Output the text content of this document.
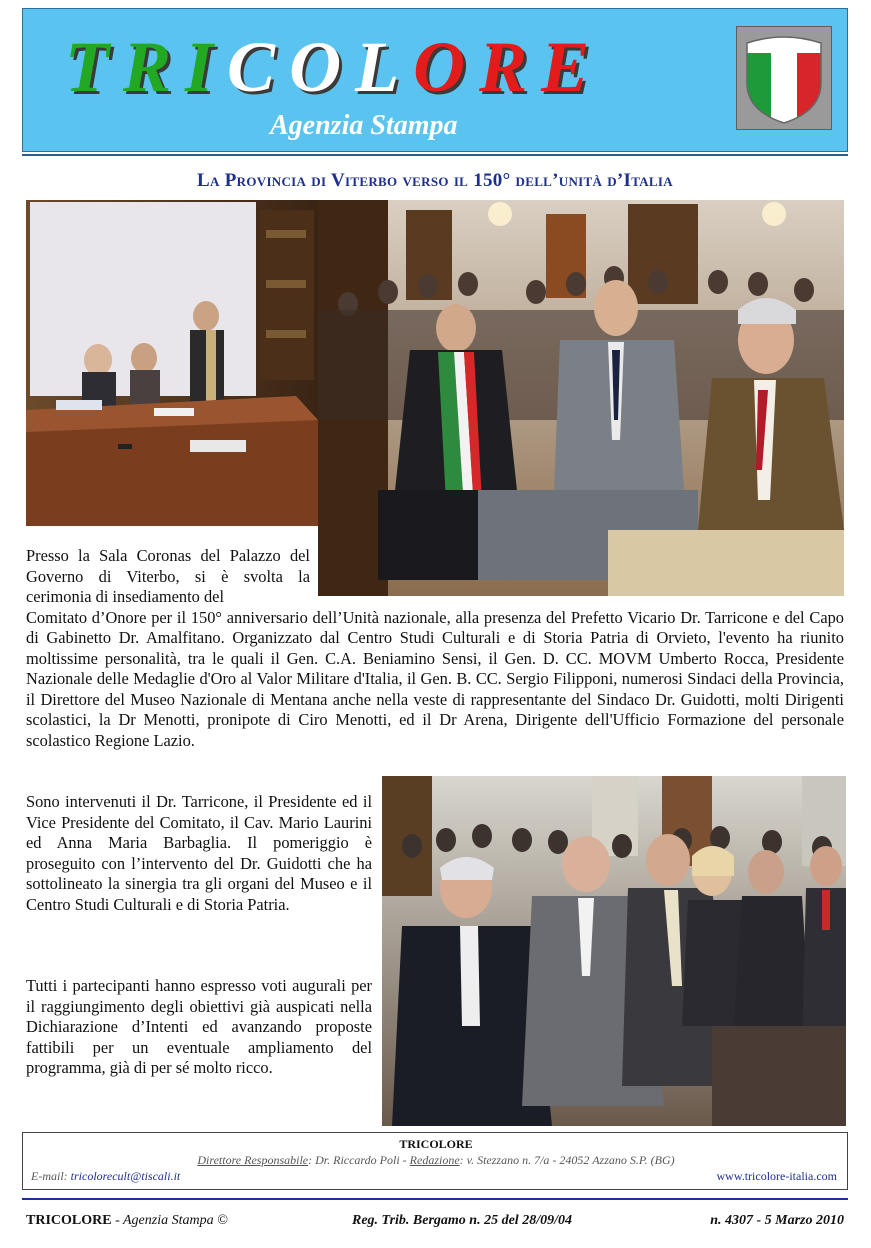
TRICOLORE
Agenzia Stampa
La Provincia di Viterbo verso il 150° dell’unità d’Italia

Presso la Sala Coronas del Palazzo del Governo di Viterbo, si è svolta la cerimonia di insediamento del

Comitato d’Onore per il 150° anniversario dell’Unità nazionale, alla presenza del Prefetto Vicario Dr. Tarricone e del Capo di Gabinetto Dr. Amalfitano. Organizzato dal Centro Studi Culturali e di Storia Patria di Orvieto, l'evento ha riunito moltissime personalità, tra le quali il Gen. C.A. Beniamino Sensi, il Gen. D. CC. MOVM Umberto Rocca, Presidente Nazionale delle Medaglie d'Oro al Valor Militare d'Italia, il Gen. B. CC. Sergio Filipponi, numerosi Sindaci della Provincia, il Direttore del Museo Nazionale di Mentana anche nella veste di rappresentante del Sindaco Dr. Guidotti, molti Dirigenti scolastici, la Dr Menotti, pronipote di Ciro Menotti, ed il Dr Arena, Dirigente dell'Ufficio Formazione del personale scolastico Regione Lazio.

Sono intervenuti il Dr. Tarricone, il Presidente ed il Vice Presidente del Comitato, il Cav. Mario Laurini ed Anna Maria Barbaglia. Il pomeriggio è proseguito con l’intervento del Dr. Guidotti che ha sottolineato la sinergia tra gli organi del Museo e il Centro Studi Culturali e di Storia Patria.

Tutti i partecipanti hanno espresso voti augurali per il raggiungimento degli obiettivi già auspicati nella Dichiarazione d’Intenti ed avanzando proposte fattibili per un eventuale ampliamento del programma, già di per sé molto ricco.

TRICOLORE
Direttore Responsabile: Dr. Riccardo Poli - Redazione: v. Stezzano n. 7/a - 24052 Azzano S.P. (BG)
E-mail: tricolorecult@tiscali.it	www.tricolore-italia.com
TRICOLORE - Agenzia Stampa ©	Reg. Trib. Bergamo n. 25 del 28/09/04	n. 4307 - 5 Marzo 2010
